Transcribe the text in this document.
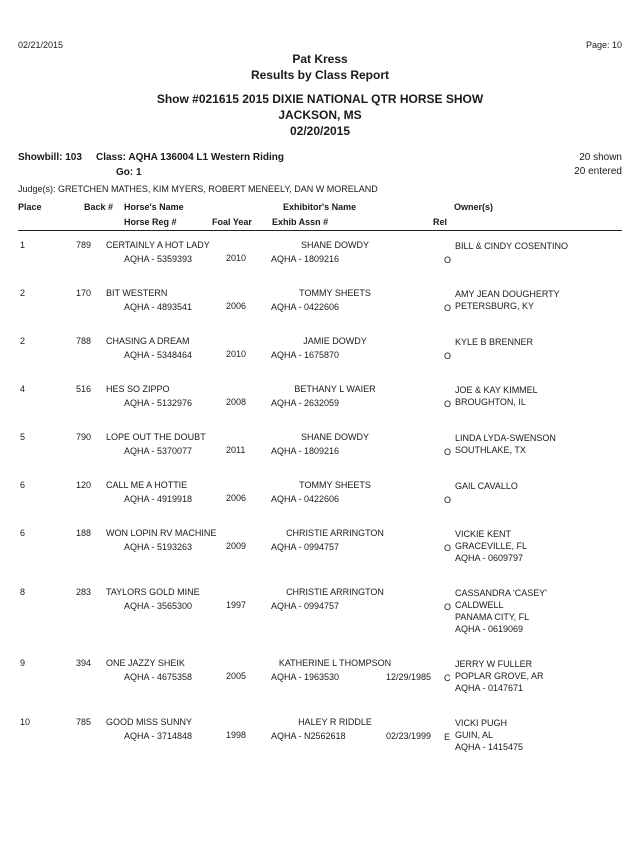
02/21/2015	Page: 10
Pat Kress
Results by Class Report
Show #021615 2015 DIXIE NATIONAL QTR HORSE SHOW
JACKSON, MS
02/20/2015
Showbill: 103 Class: AQHA 136004 L1 Western Riding
Go: 1
20 shown
20 entered
Judge(s): GRETCHEN MATHES, KIM MYERS, ROBERT MENEELY, DAN W MORELAND
Place	Back # Horse's Name
Horse Reg #	Foal Year
Exhibitor's Name
Exhib Assn #	Rel
Owner(s)
1	789 CERTAINLY A HOT LADY
AQHA - 5359393	2010
SHANE DOWDY
AQHA - 1809216	O
BILL & CINDY COSENTINO
2	170 BIT WESTERN
AQHA - 4893541	2006
TOMMY SHEETS
AQHA - 0422606	O
AMY JEAN DOUGHERTY
PETERSBURG, KY
2	788 CHASING A DREAM
AQHA - 5348464	2010
JAMIE DOWDY
AQHA - 1675870	O
KYLE B BRENNER
4	516 HES SO ZIPPO
AQHA - 5132976	2008
BETHANY L WAIER
AQHA - 2632059	O
JOE & KAY KIMMEL
BROUGHTON, IL
5	790 LOPE OUT THE DOUBT
AQHA - 5370077	2011
SHANE DOWDY
AQHA - 1809216	O
LINDA LYDA-SWENSON
SOUTHLAKE, TX
6	120 CALL ME A HOTTIE
AQHA - 4919918	2006
TOMMY SHEETS
AQHA - 0422606	O
GAIL CAVALLO
6	188 WON LOPIN RV MACHINE
AQHA - 5193263	2009
CHRISTIE ARRINGTON
AQHA - 0994757	O
VICKIE KENT
GRACEVILLE, FL
AQHA - 0609797
8	283 TAYLORS GOLD MINE
AQHA - 3565300	1997
CHRISTIE ARRINGTON
AQHA - 0994757	O
CASSANDRA 'CASEY'
CALDWELL
PANAMA CITY, FL
AQHA - 0619069
9	394 ONE JAZZY SHEIK
AQHA - 4675358	2005
KATHERINE L THOMPSON
AQHA - 1963530	12/29/1985 C
JERRY W FULLER
POPLAR GROVE, AR
AQHA - 0147671
10	785 GOOD MISS SUNNY
AQHA - 3714848	1998
HALEY R RIDDLE
AQHA - N2562618	02/23/1999 E
VICKI PUGH
GUIN, AL
AQHA - 1415475
